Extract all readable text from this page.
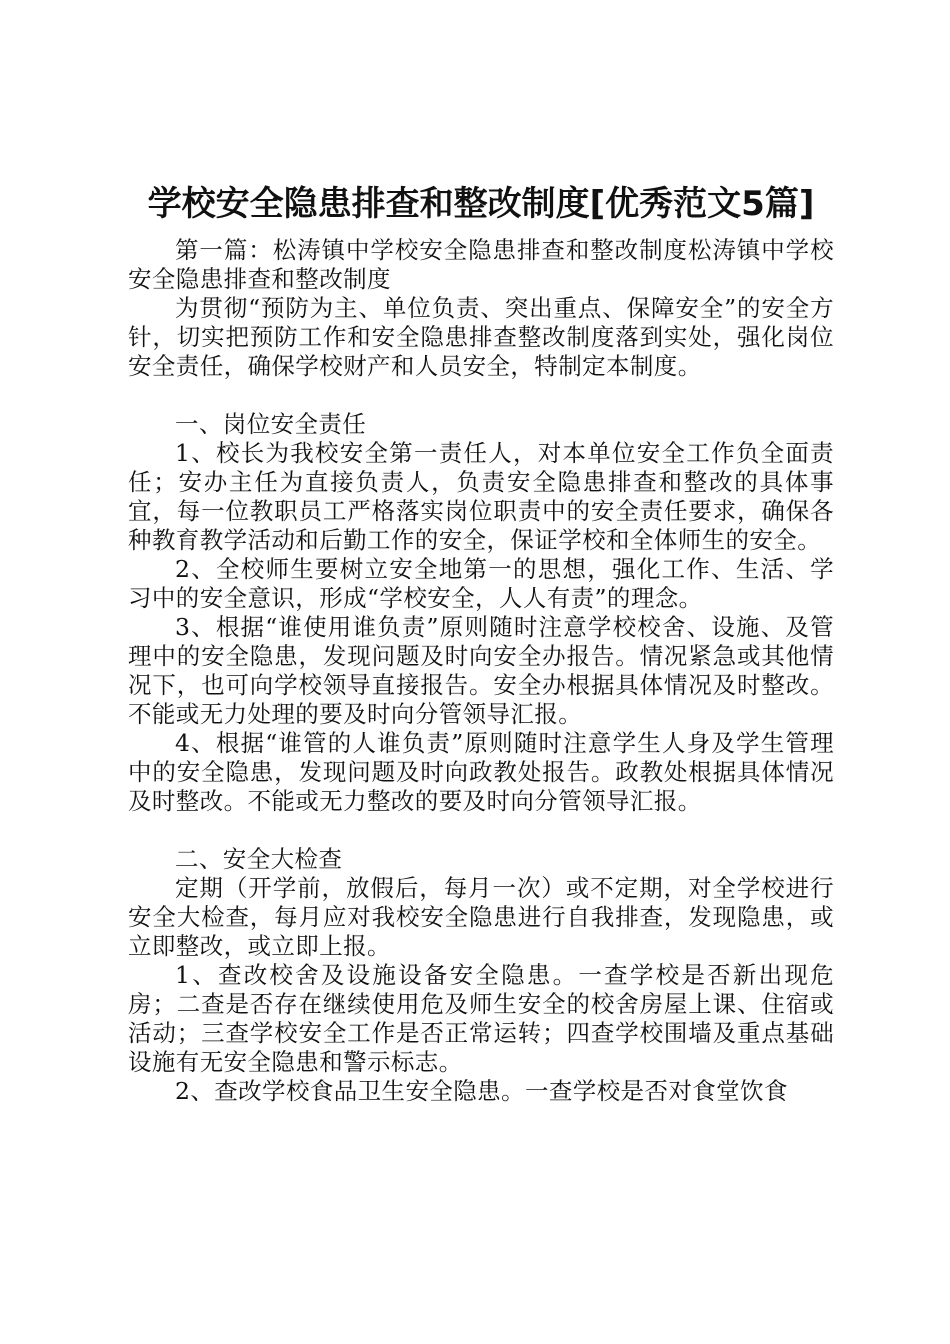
学校安全隐患排查和整改制度[优秀范文5篇]

第一篇：松涛镇中学校安全隐患排查和整改制度松涛镇中学校安全隐患排查和整改制度

为贯彻“预防为主、单位负责、突出重点、保障安全”的安全方针，切实把预防工作和安全隐患排查整改制度落到实处，强化岗位安全责任，确保学校财产和人员安全，特制定本制度。

一、岗位安全责任

1、校长为我校安全第一责任人，对本单位安全工作负全面责任；安办主任为直接负责人，负责安全隐患排查和整改的具体事宜，每一位教职员工严格落实岗位职责中的安全责任要求，确保各种教育教学活动和后勤工作的安全，保证学校和全体师生的安全。

2、全校师生要树立安全地第一的思想，强化工作、生活、学习中的安全意识，形成“学校安全，人人有责”的理念。

3、根据“谁使用谁负责”原则随时注意学校校舍、设施、及管理中的安全隐患，发现问题及时向安全办报告。情况紧急或其他情况下，也可向学校领导直接报告。安全办根据具体情况及时整改。不能或无力处理的要及时向分管领导汇报。

4、根据“谁管的人谁负责”原则随时注意学生人身及学生管理中的安全隐患，发现问题及时向政教处报告。政教处根据具体情况及时整改。不能或无力整改的要及时向分管领导汇报。

二、安全大检查

定期（开学前，放假后，每月一次）或不定期，对全学校进行安全大检查，每月应对我校安全隐患进行自我排查，发现隐患，或立即整改，或立即上报。

1、查改校舍及设施设备安全隐患。一查学校是否新出现危房；二查是否存在继续使用危及师生安全的校舍房屋上课、住宿或活动；三查学校安全工作是否正常运转；四查学校围墙及重点基础设施有无安全隐患和警示标志。

2、查改学校食品卫生安全隐患。一查学校是否对食堂饮食
